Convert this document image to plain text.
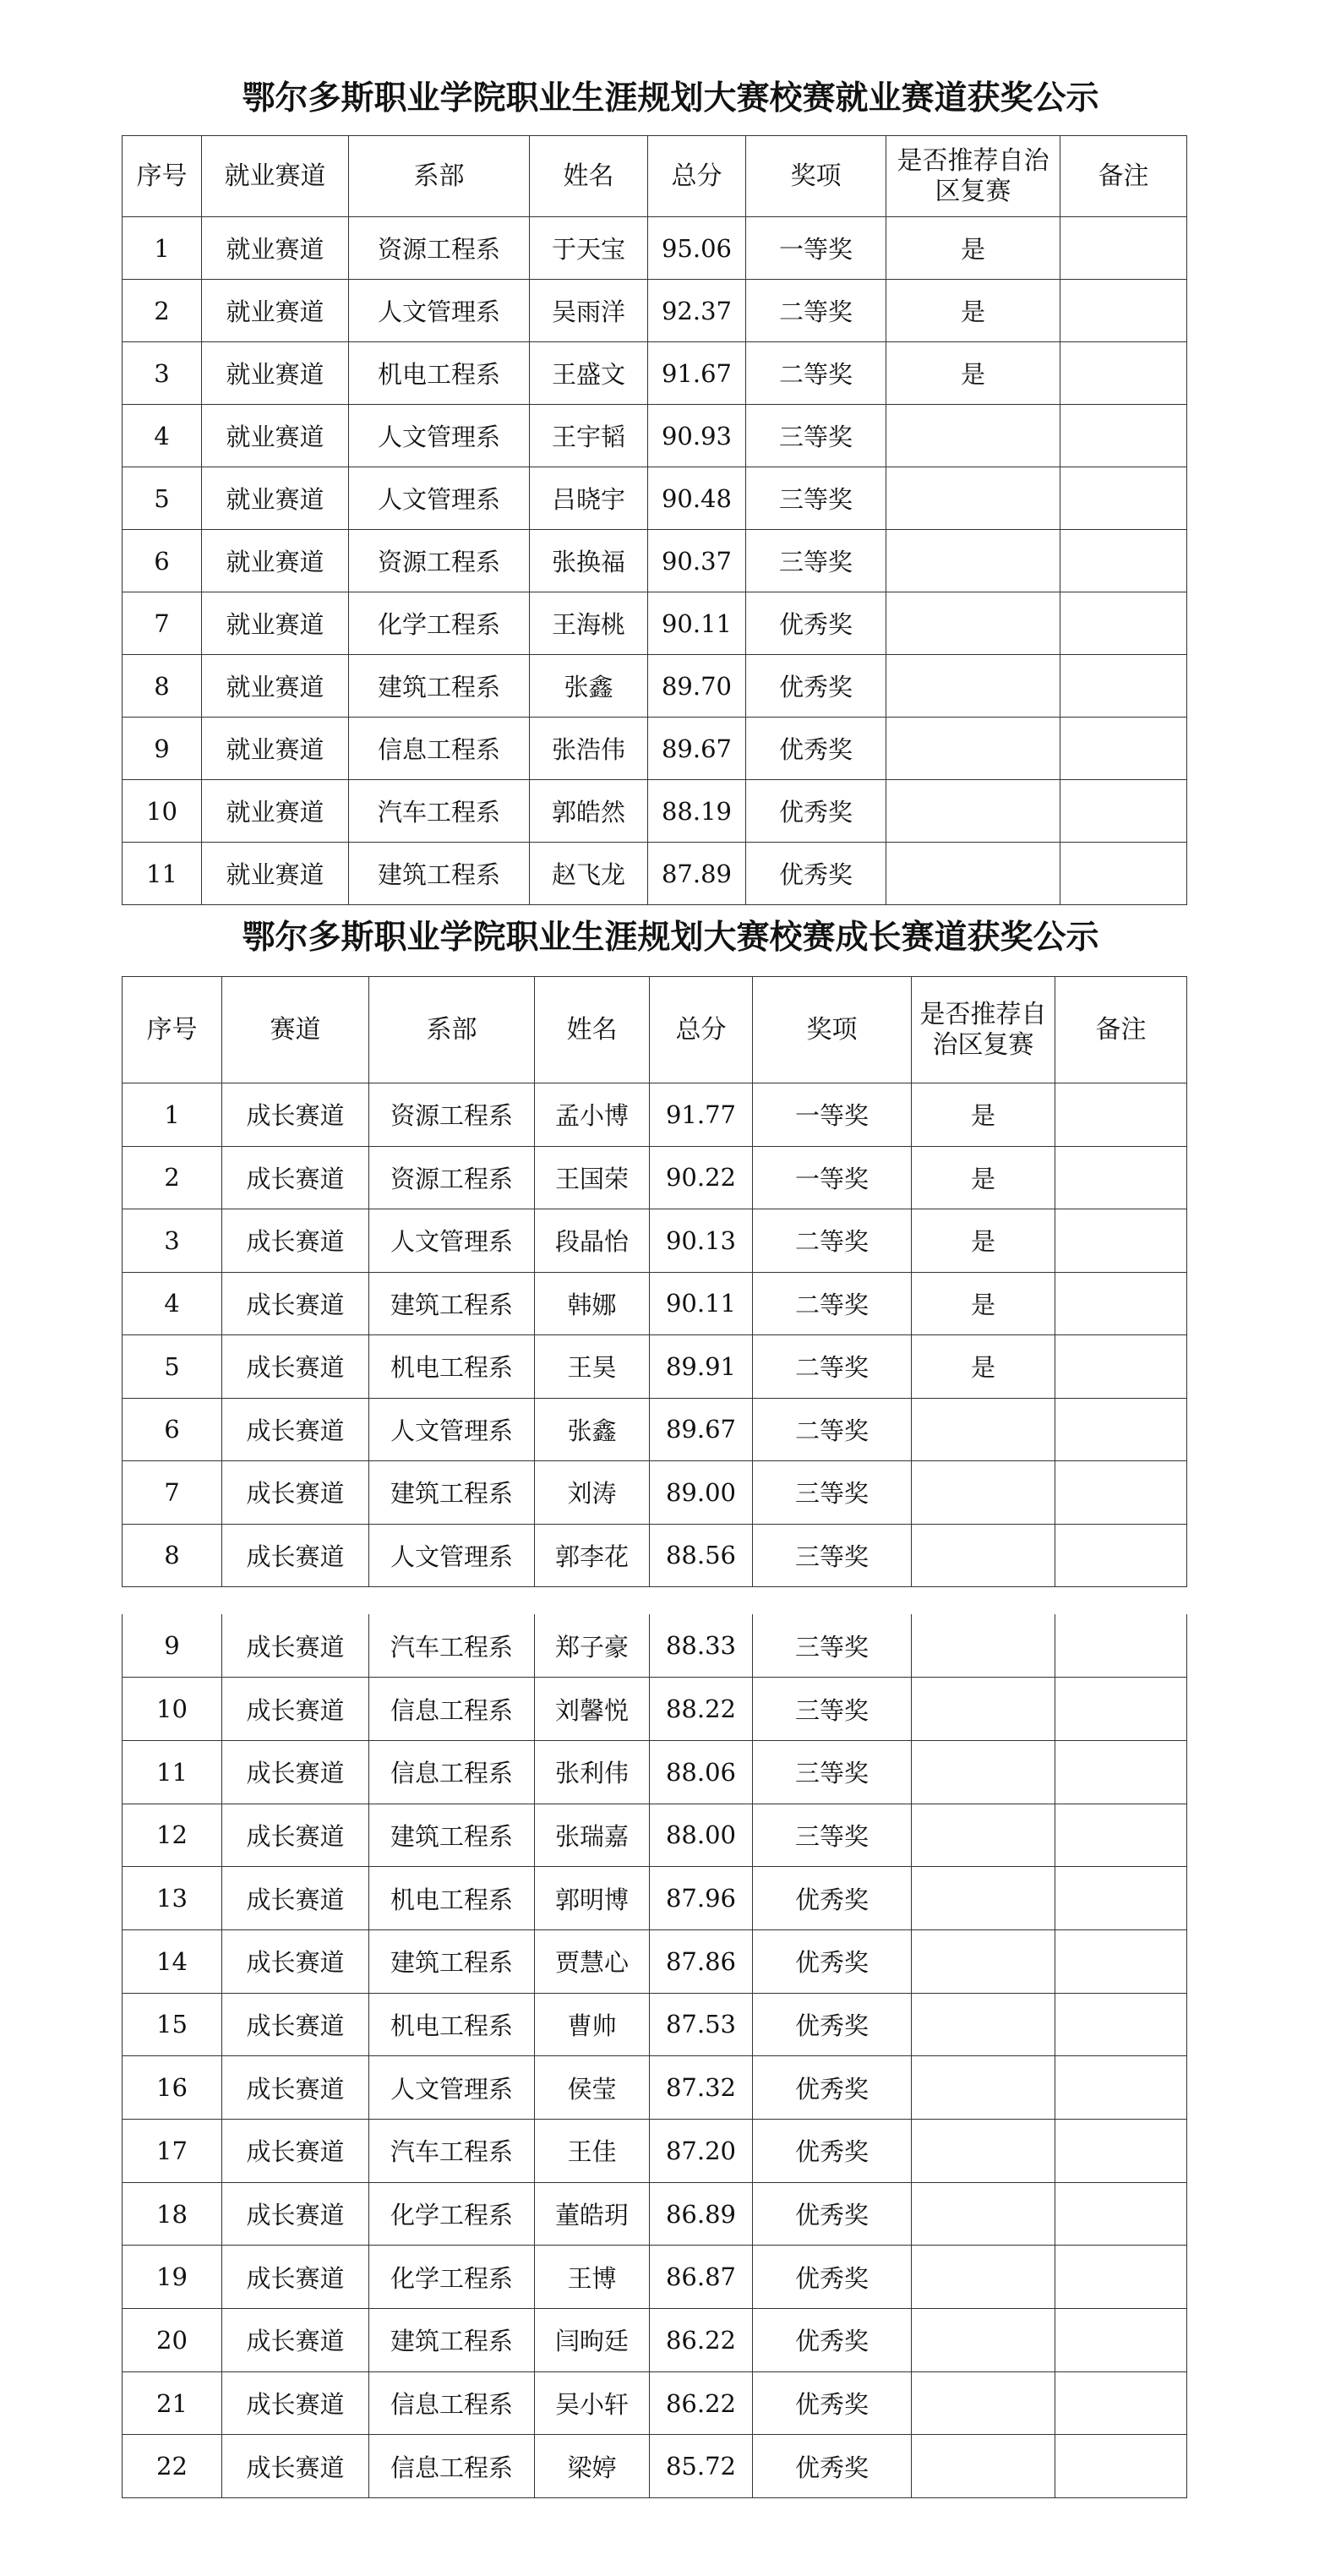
鄂尔多斯职业学院职业生涯规划大赛校赛就业赛道获奖公示
序号	就业赛道	系部	姓名	总分	奖项	是否推荐自治区复赛	备注
1	就业赛道	资源工程系	于天宝	95.06	一等奖	是	
2	就业赛道	人文管理系	吴雨洋	92.37	二等奖	是	
3	就业赛道	机电工程系	王盛文	91.67	二等奖	是	
4	就业赛道	人文管理系	王宇韬	90.93	三等奖		
5	就业赛道	人文管理系	吕晓宇	90.48	三等奖		
6	就业赛道	资源工程系	张换福	90.37	三等奖		
7	就业赛道	化学工程系	王海桃	90.11	优秀奖		
8	就业赛道	建筑工程系	张鑫	89.70	优秀奖		
9	就业赛道	信息工程系	张浩伟	89.67	优秀奖		
10	就业赛道	汽车工程系	郭皓然	88.19	优秀奖		
11	就业赛道	建筑工程系	赵飞龙	87.89	优秀奖		
鄂尔多斯职业学院职业生涯规划大赛校赛成长赛道获奖公示
序号	赛道	系部	姓名	总分	奖项	是否推荐自治区复赛	备注
1	成长赛道	资源工程系	孟小博	91.77	一等奖	是	
2	成长赛道	资源工程系	王国荣	90.22	一等奖	是	
3	成长赛道	人文管理系	段晶怡	90.13	二等奖	是	
4	成长赛道	建筑工程系	韩娜	90.11	二等奖	是	
5	成长赛道	机电工程系	王昊	89.91	二等奖	是	
6	成长赛道	人文管理系	张鑫	89.67	二等奖		
7	成长赛道	建筑工程系	刘涛	89.00	三等奖		
8	成长赛道	人文管理系	郭李花	88.56	三等奖		
9	成长赛道	汽车工程系	郑子豪	88.33	三等奖		
10	成长赛道	信息工程系	刘馨悦	88.22	三等奖		
11	成长赛道	信息工程系	张利伟	88.06	三等奖		
12	成长赛道	建筑工程系	张瑞嘉	88.00	三等奖		
13	成长赛道	机电工程系	郭明博	87.96	优秀奖		
14	成长赛道	建筑工程系	贾慧心	87.86	优秀奖		
15	成长赛道	机电工程系	曹帅	87.53	优秀奖		
16	成长赛道	人文管理系	侯莹	87.32	优秀奖		
17	成长赛道	汽车工程系	王佳	87.20	优秀奖		
18	成长赛道	化学工程系	董皓玥	86.89	优秀奖		
19	成长赛道	化学工程系	王博	86.87	优秀奖		
20	成长赛道	建筑工程系	闫昫廷	86.22	优秀奖		
21	成长赛道	信息工程系	吴小轩	86.22	优秀奖		
22	成长赛道	信息工程系	梁婷	85.72	优秀奖		
